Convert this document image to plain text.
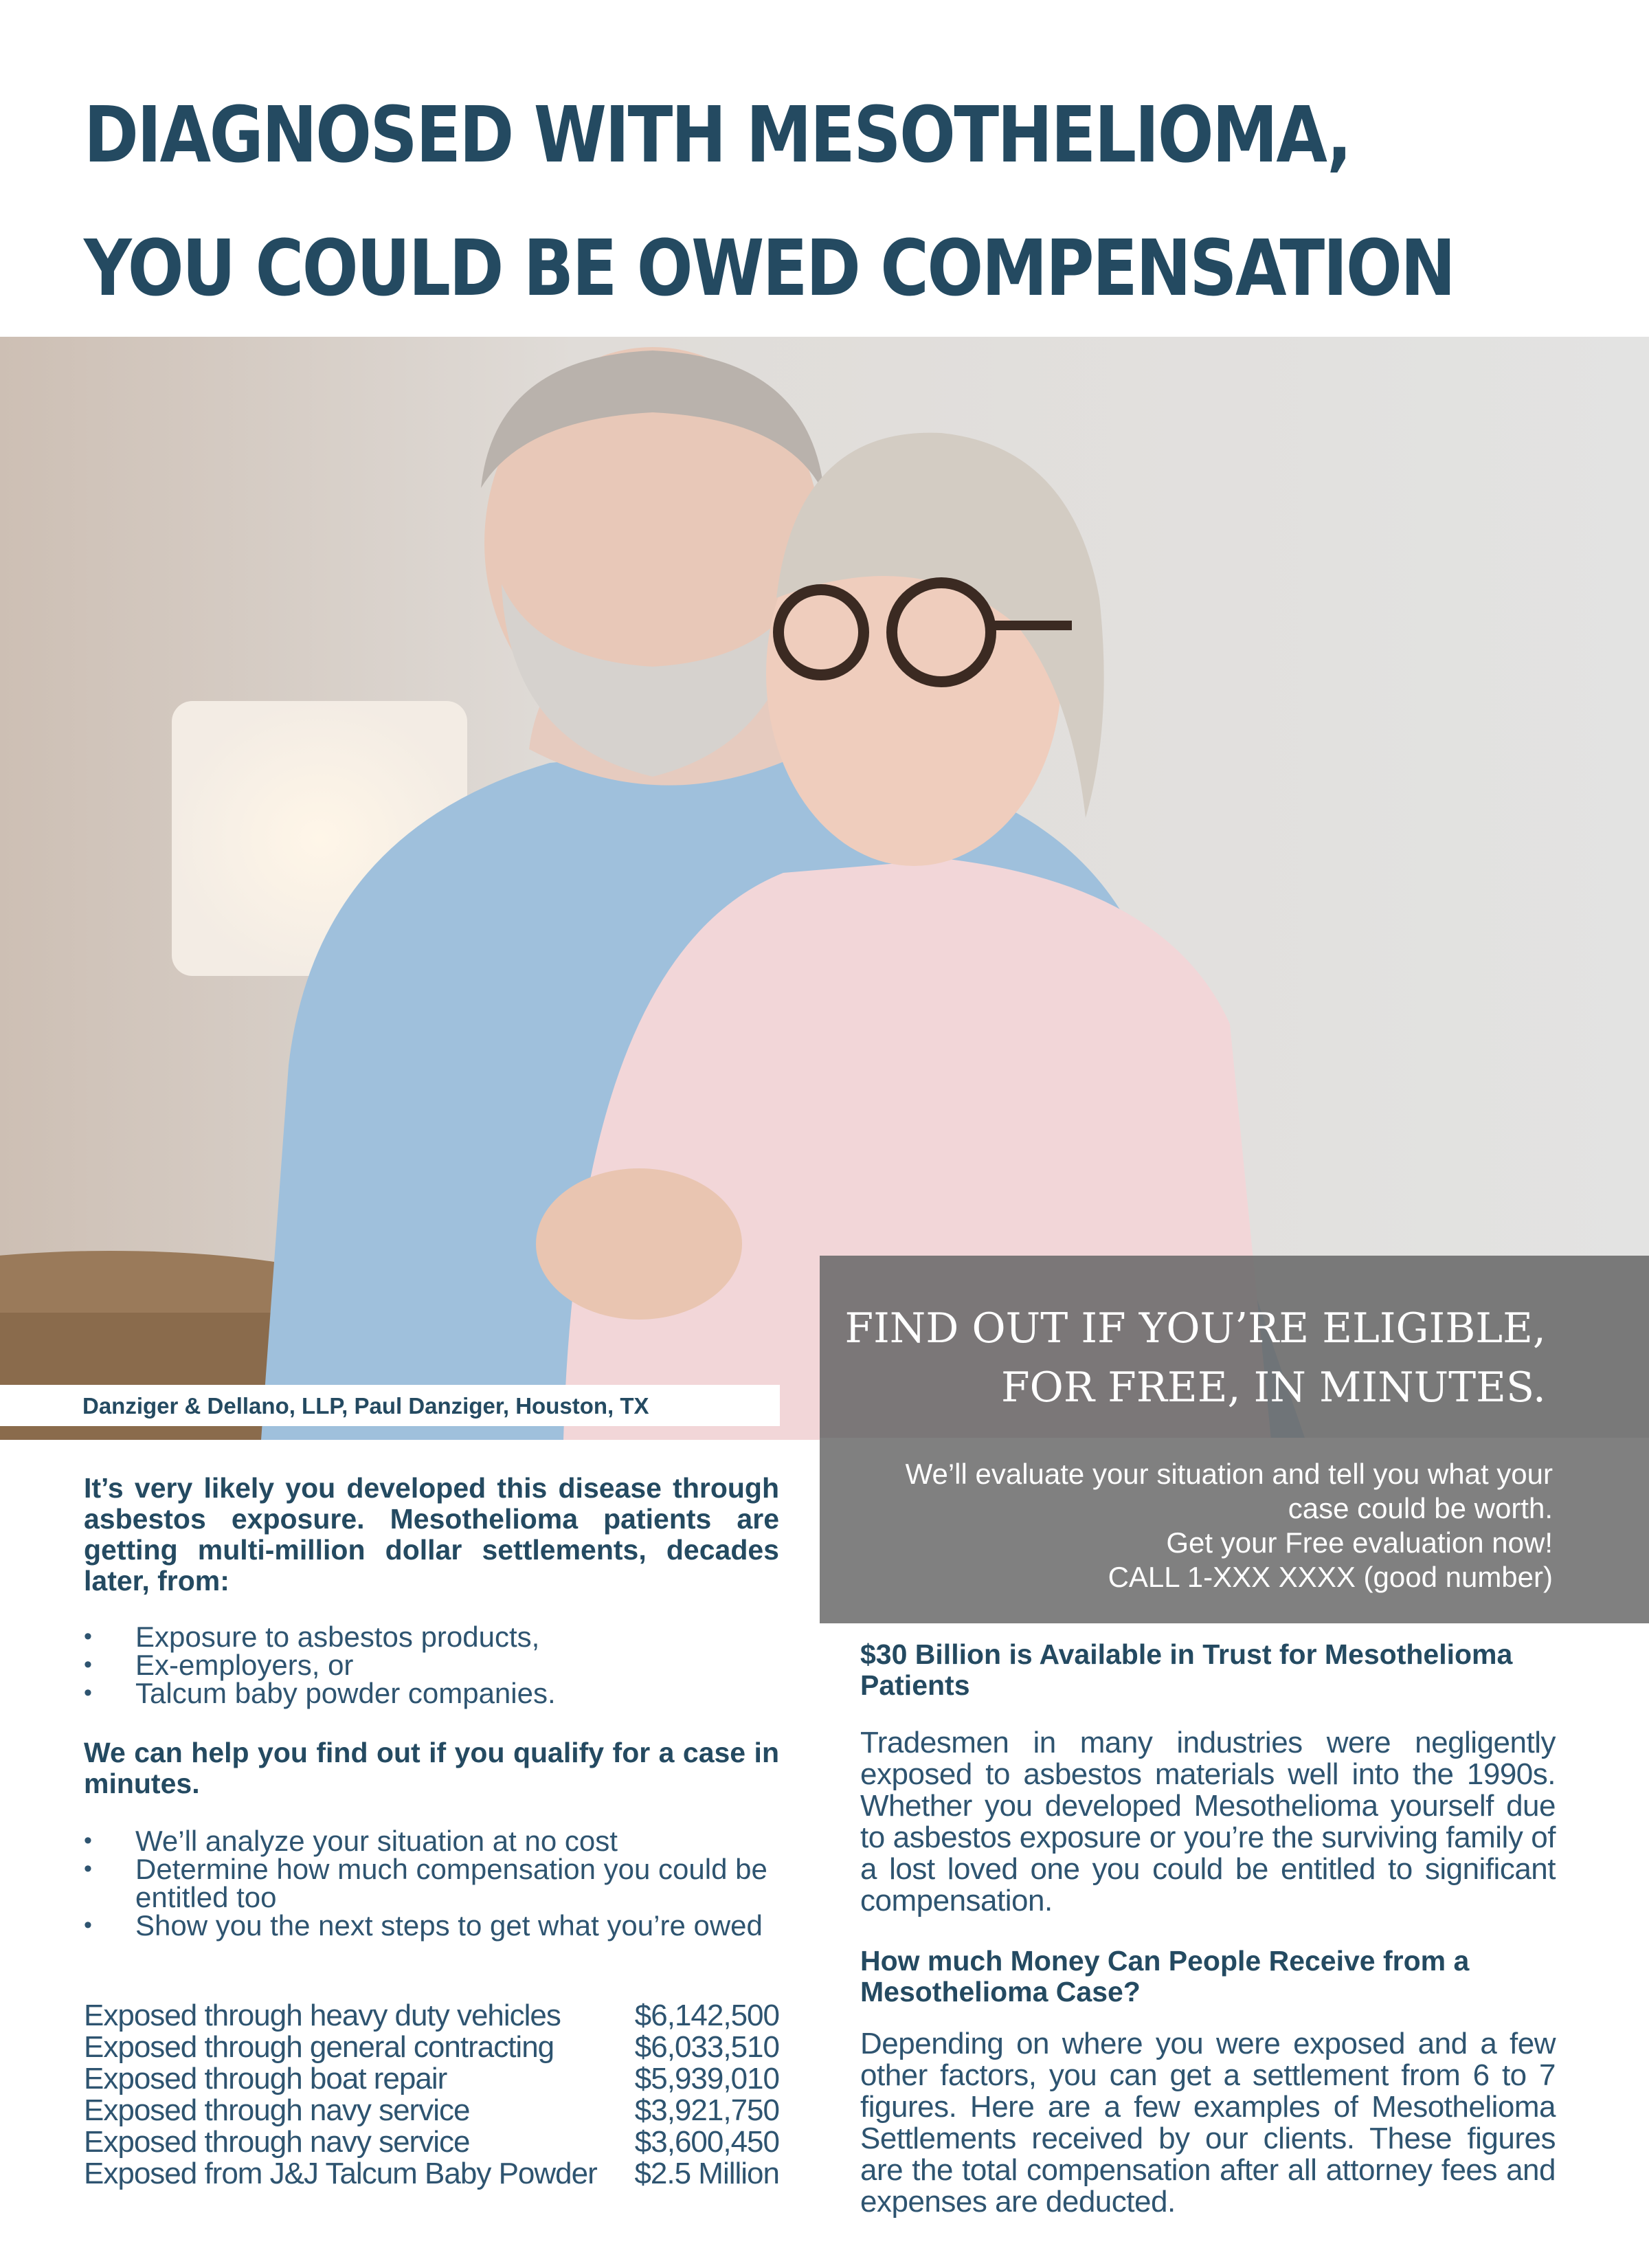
DIAGNOSED WITH MESOTHELIOMA,
YOU COULD BE OWED COMPENSATION
Danziger & Dellano, LLP, Paul Danziger, Houston, TX
FIND OUT IF YOU’RE ELIGIBLE,
FOR FREE, IN MINUTES.
We’ll evaluate your situation and tell you what your
case could be worth.
Get your Free evaluation now!
CALL 1-XXX XXXX (good number)

It’s very likely you developed this disease through asbestos exposure. Mesothelioma patients are getting multi-million dollar settlements, decades later, from:

• Exposure to asbestos products,
• Ex-employers, or
• Talcum baby powder companies.

We can help you find out if you qualify for a case in minutes.

• We’ll analyze your situation at no cost
• Determine how much compensation you could be entitled too
• Show you the next steps to get what you’re owed
Exposed through heavy duty vehicles $6,142,500
Exposed through general contracting	$6,033,510
Exposed through boat repair	$5,939,010
Exposed through navy service	$3,921,750
Exposed through navy service	$3,600,450
Exposed from J&J Talcum Baby Powder $2.5 Million

$30 Billion is Available in Trust for Mesothelioma Patients

Tradesmen in many industries were negligently exposed to asbestos materials well into the 1990s. Whether you developed Mesothelioma yourself due to asbestos exposure or you’re the surviving family of a lost loved one you could be entitled to significant compensation.

How much Money Can People Receive from a Mesothelioma Case?

Depending on where you were exposed and a few other factors, you can get a settlement from 6 to 7 figures. Here are a few examples of Mesothelioma Settlements received by our clients. These figures are the total compensation after all attorney fees and expenses are deducted.
